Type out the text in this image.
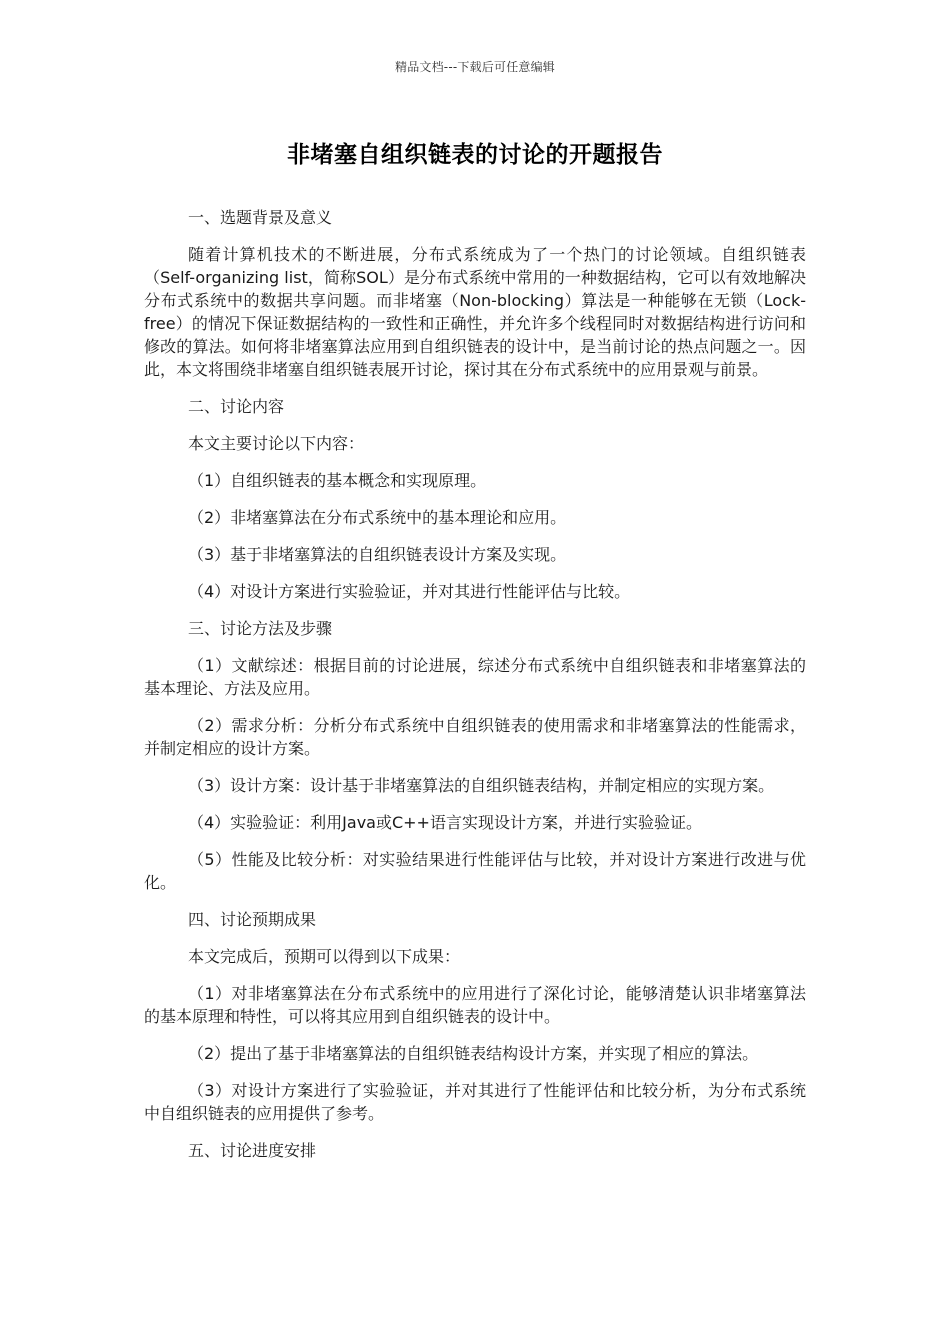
精品文档---下载后可任意编辑
非堵塞自组织链表的讨论的开题报告

一、选题背景及意义

随着计算机技术的不断进展，分布式系统成为了一个热门的讨论领域。自组织链表（Self-organizing list，简称SOL）是分布式系统中常用的一种数据结构，它可以有效地解决分布式系统中的数据共享问题。而非堵塞（Non-blocking）算法是一种能够在无锁（Lock-free）的情况下保证数据结构的一致性和正确性，并允许多个线程同时对数据结构进行访问和修改的算法。如何将非堵塞算法应用到自组织链表的设计中，是当前讨论的热点问题之一。因此，本文将围绕非堵塞自组织链表展开讨论，探讨其在分布式系统中的应用景观与前景。

二、讨论内容

本文主要讨论以下内容：

（1）自组织链表的基本概念和实现原理。

（2）非堵塞算法在分布式系统中的基本理论和应用。

（3）基于非堵塞算法的自组织链表设计方案及实现。

（4）对设计方案进行实验验证，并对其进行性能评估与比较。

三、讨论方法及步骤

（1）文献综述：根据目前的讨论进展，综述分布式系统中自组织链表和非堵塞算法的基本理论、方法及应用。

（2）需求分析：分析分布式系统中自组织链表的使用需求和非堵塞算法的性能需求，并制定相应的设计方案。

（3）设计方案：设计基于非堵塞算法的自组织链表结构，并制定相应的实现方案。

（4）实验验证：利用Java或C++语言实现设计方案，并进行实验验证。

（5）性能及比较分析：对实验结果进行性能评估与比较，并对设计方案进行改进与优化。

四、讨论预期成果

本文完成后，预期可以得到以下成果：

（1）对非堵塞算法在分布式系统中的应用进行了深化讨论，能够清楚认识非堵塞算法的基本原理和特性，可以将其应用到自组织链表的设计中。

（2）提出了基于非堵塞算法的自组织链表结构设计方案，并实现了相应的算法。

（3）对设计方案进行了实验验证，并对其进行了性能评估和比较分析，为分布式系统中自组织链表的应用提供了参考。

五、讨论进度安排
